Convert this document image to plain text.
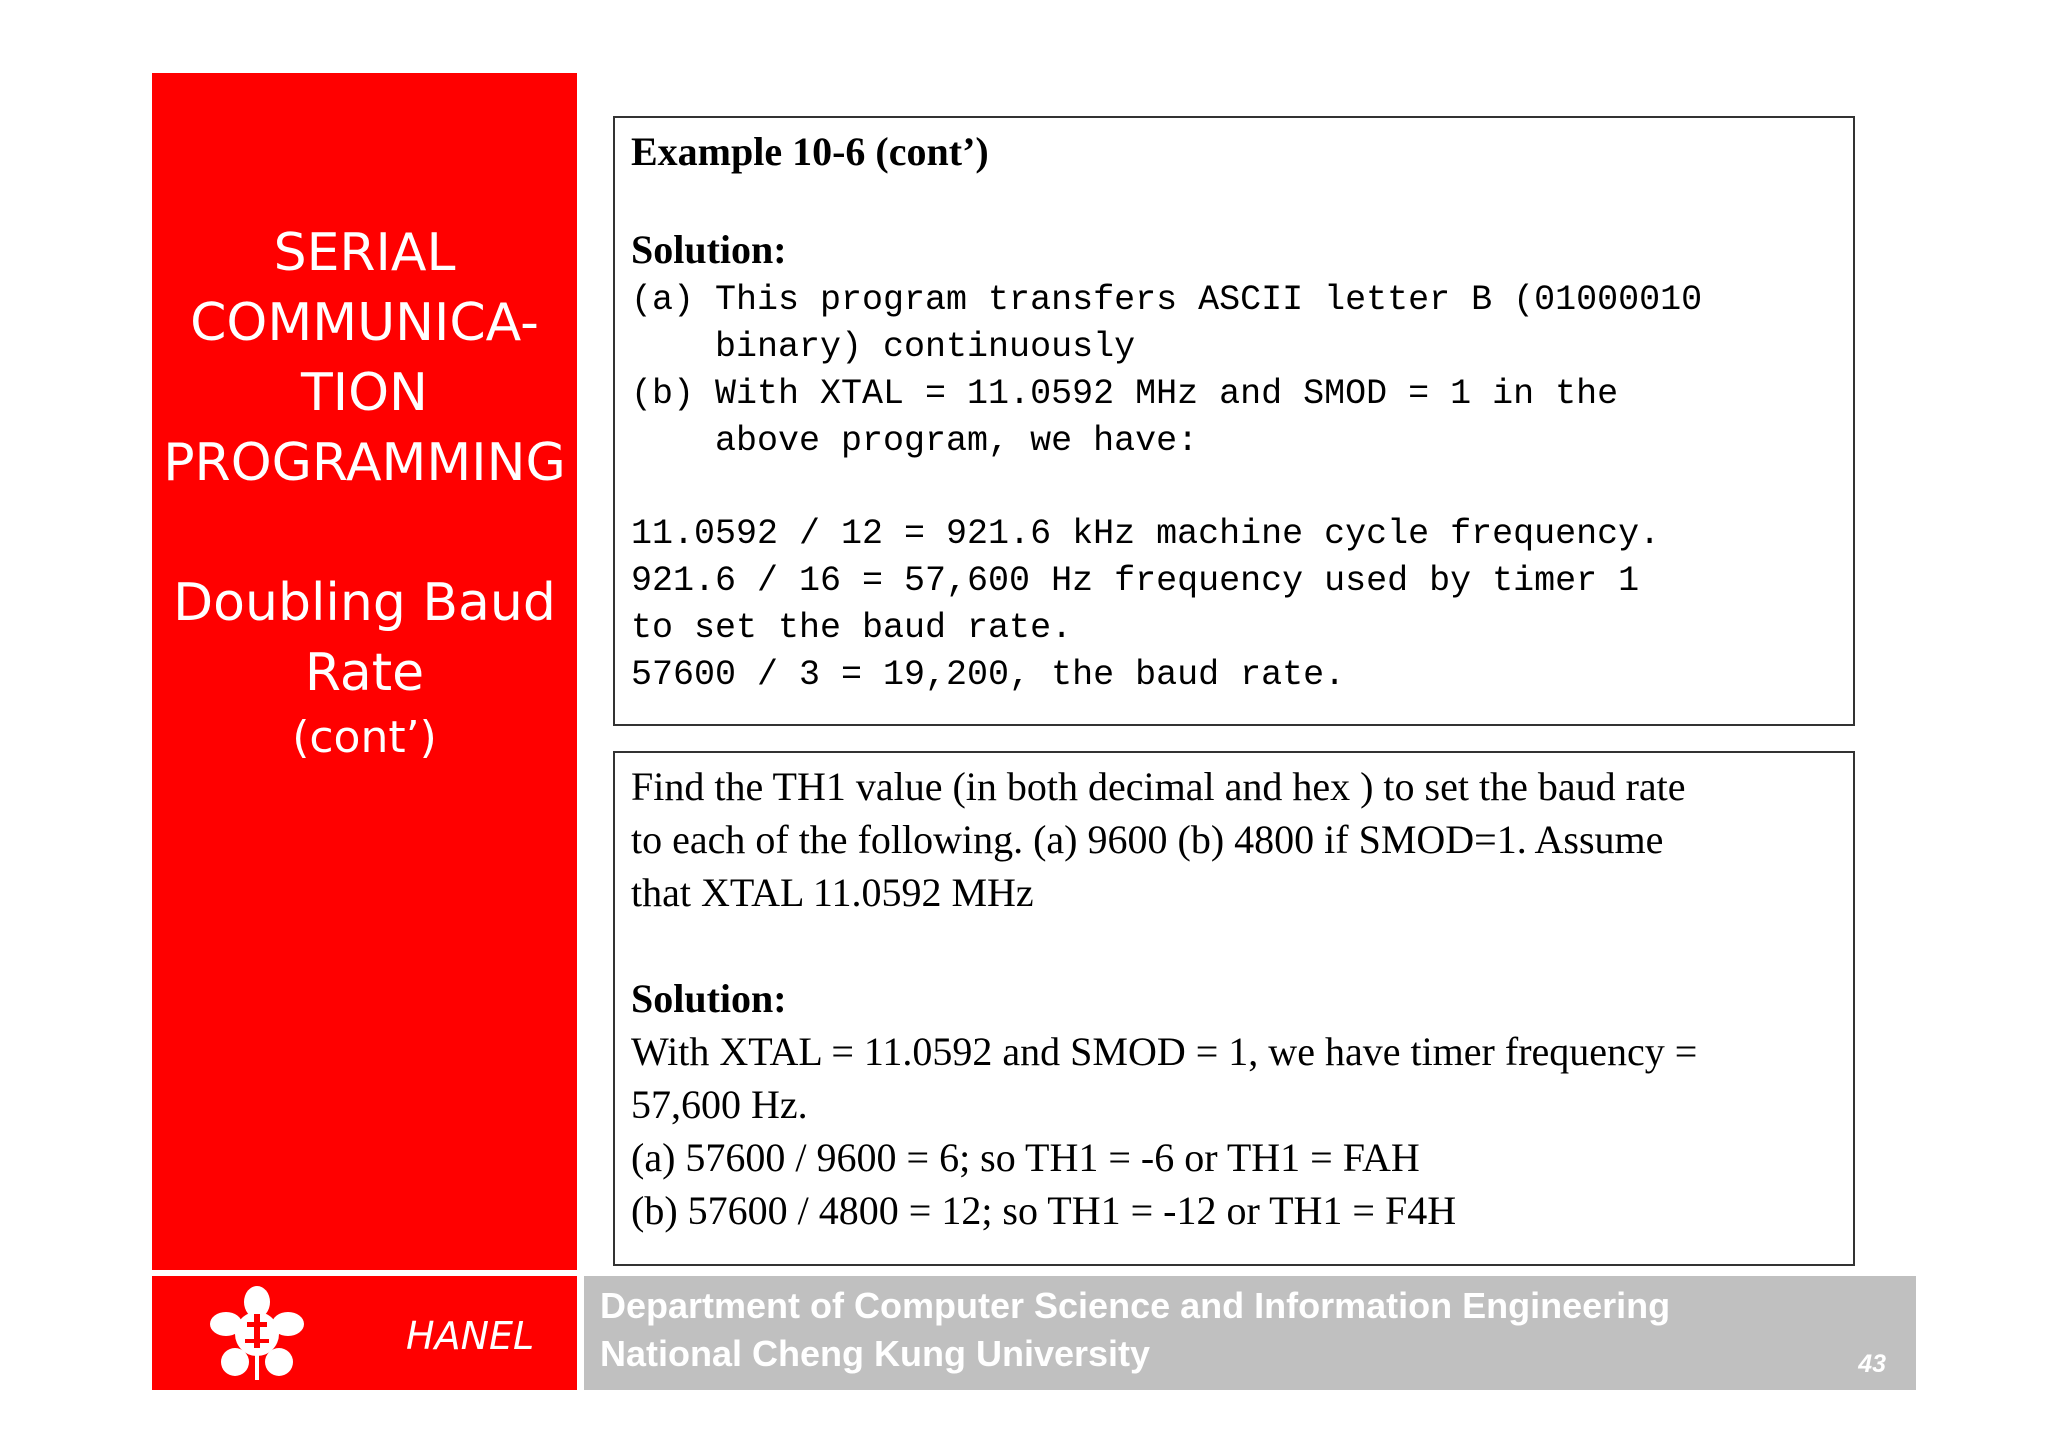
SERIAL
COMMUNICA-
TION
PROGRAMMING
Doubling Baud
Rate
(cont’)
Example 10-6 (cont’)
Solution:
(a) This program transfers ASCII letter B (01000010
binary) continuously
(b) With XTAL = 11.0592 MHz and SMOD = 1 in the
above program, we have:
11.0592 / 12 = 921.6 kHz machine cycle frequency.
921.6 / 16 = 57,600 Hz frequency used by timer 1
to set the baud rate.
57600 / 3 = 19,200, the baud rate.
Find the TH1 value (in both decimal and hex ) to set the baud rate
to each of the following. (a) 9600 (b) 4800 if SMOD=1. Assume
that XTAL 11.0592 MHz
Solution:
With XTAL = 11.0592 and SMOD = 1, we have timer frequency =
57,600 Hz.
(a) 57600 / 9600 = 6; so TH1 = -6 or TH1 = FAH
(b) 57600 / 4800 = 12; so TH1 = -12 or TH1 = F4H
HANEL
Department of Computer Science and Information Engineering
National Cheng Kung University	43
